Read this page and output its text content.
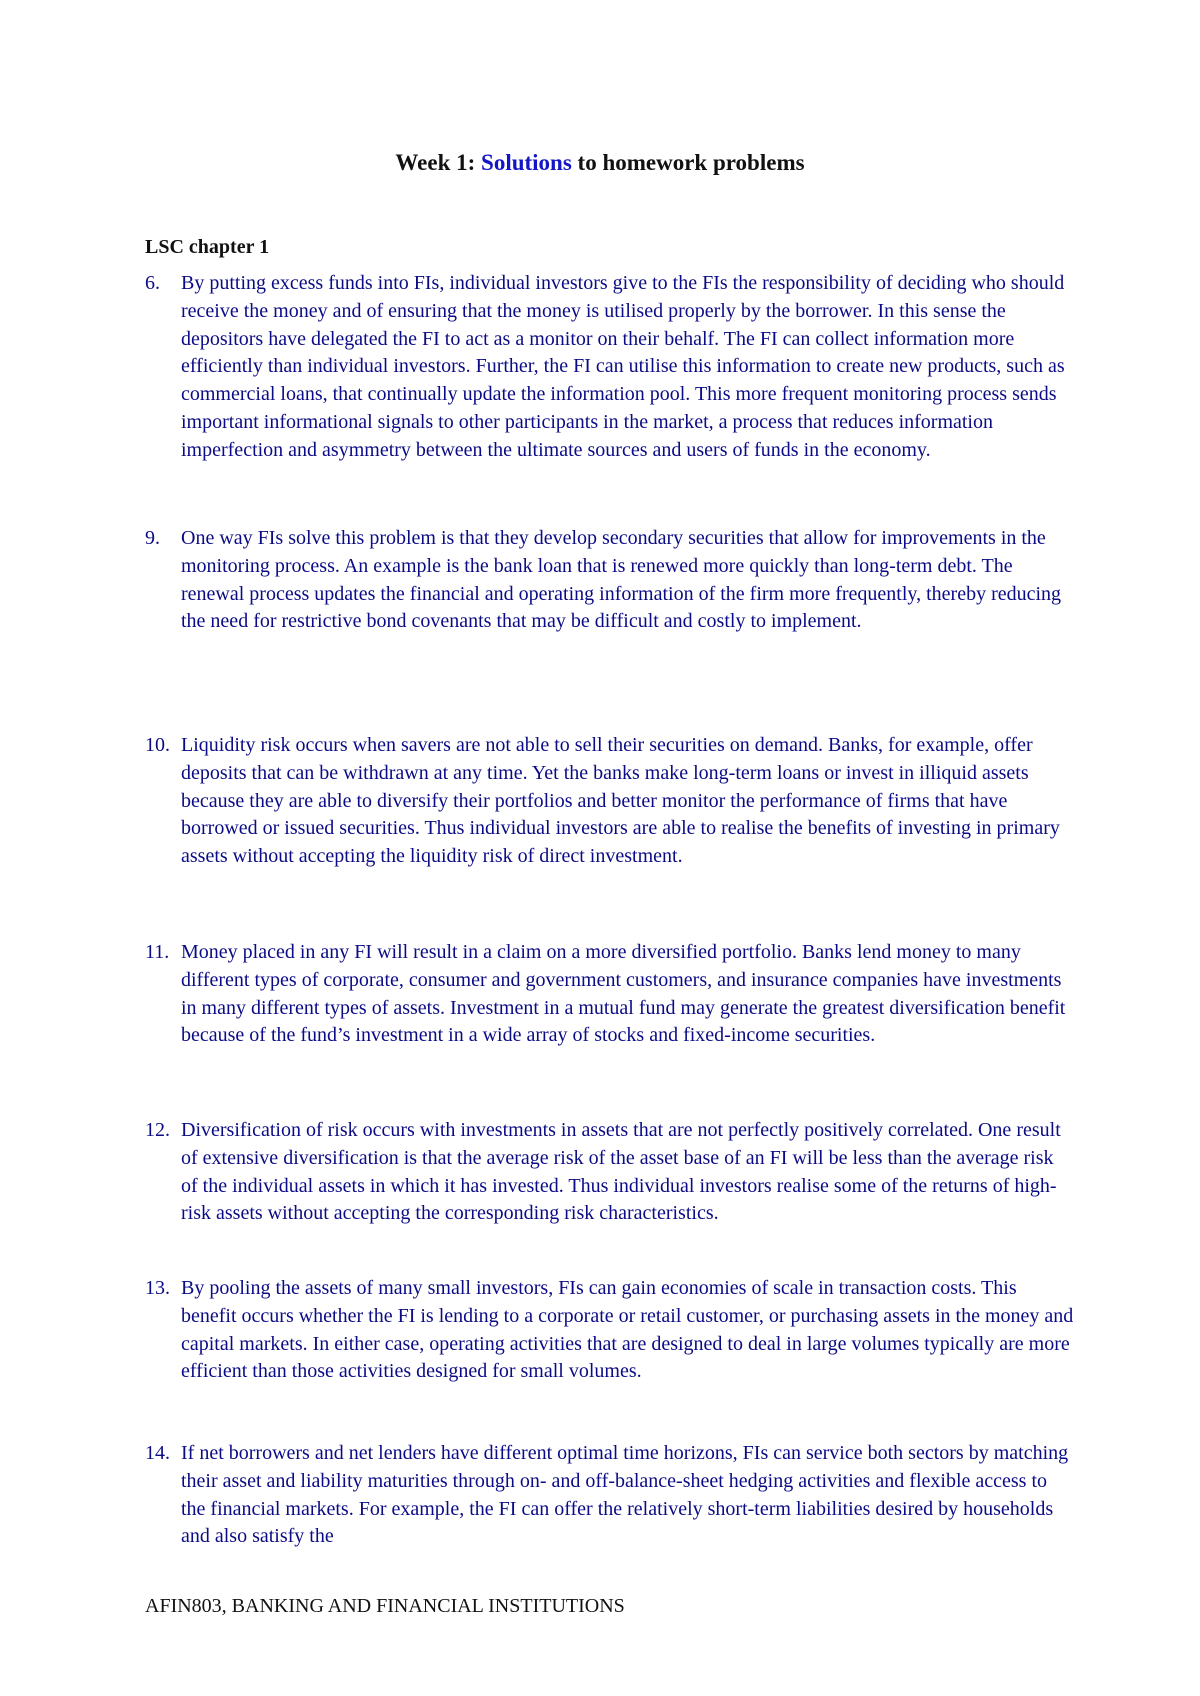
Week 1: Solutions to homework problems
LSC chapter 1
6.	By putting excess funds into FIs, individual investors give to the FIs the responsibility of deciding who should receive the money and of ensuring that the money is utilised properly by the borrower. In this sense the depositors have delegated the FI to act as a monitor on their behalf. The FI can collect information more efficiently than individual investors. Further, the FI can utilise this information to create new products, such as commercial loans, that continually update the information pool. This more frequent monitoring process sends important informational signals to other participants in the market, a process that reduces information imperfection and asymmetry between the ultimate sources and users of funds in the economy.
9.	One way FIs solve this problem is that they develop secondary securities that allow for improvements in the monitoring process. An example is the bank loan that is renewed more quickly than long-term debt. The renewal process updates the financial and operating information of the firm more frequently, thereby reducing the need for restrictive bond covenants that may be difficult and costly to implement.
10. Liquidity risk occurs when savers are not able to sell their securities on demand. Banks, for example, offer deposits that can be withdrawn at any time. Yet the banks make long-term loans or invest in illiquid assets because they are able to diversify their portfolios and better monitor the performance of firms that have borrowed or issued securities. Thus individual investors are able to realise the benefits of investing in primary assets without accepting the liquidity risk of direct investment.
11. Money placed in any FI will result in a claim on a more diversified portfolio. Banks lend money to many different types of corporate, consumer and government customers, and insurance companies have investments in many different types of assets. Investment in a mutual fund may generate the greatest diversification benefit because of the fund’s investment in a wide array of stocks and fixed-income securities.
12. Diversification of risk occurs with investments in assets that are not perfectly positively correlated. One result of extensive diversification is that the average risk of the asset base of an FI will be less than the average risk of the individual assets in which it has invested. Thus individual investors realise some of the returns of high-risk assets without accepting the corresponding risk characteristics.
13. By pooling the assets of many small investors, FIs can gain economies of scale in transaction costs. This benefit occurs whether the FI is lending to a corporate or retail customer, or purchasing assets in the money and capital markets. In either case, operating activities that are designed to deal in large volumes typically are more efficient than those activities designed for small volumes.
14. If net borrowers and net lenders have different optimal time horizons, FIs can service both sectors by matching their asset and liability maturities through on- and off-balance-sheet hedging activities and flexible access to the financial markets. For example, the FI can offer the relatively short-term liabilities desired by households and also satisfy the
AFIN803, BANKING AND FINANCIAL INSTITUTIONS
